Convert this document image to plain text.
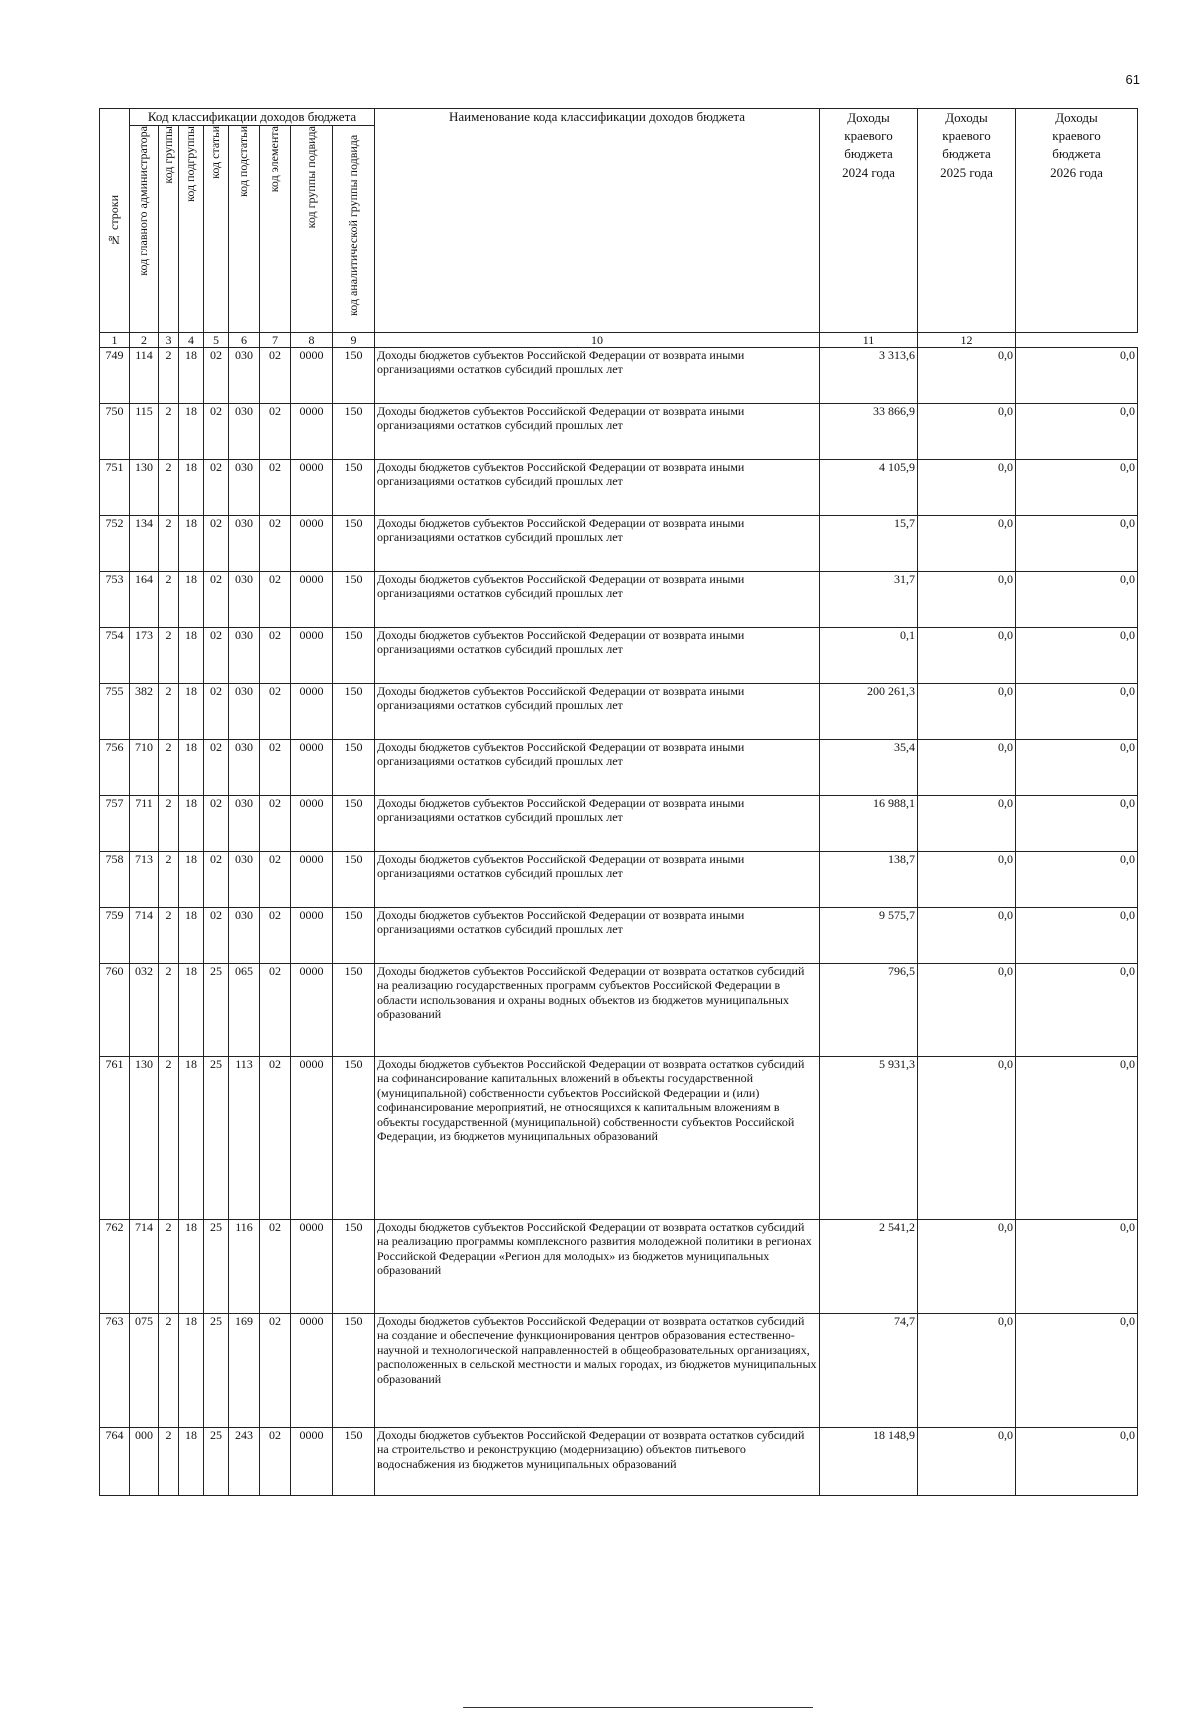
61
№ строки	Код классификации доходов бюджета								Наименование кода классификации доходов бюджета	Доходы
краевого
бюджета
2024 года	Доходы
краевого
бюджета
2025 года	Доходы
краевого
бюджета
2026 года

	код главного администратора	код группы	код подгруппы	код статьи	код подстатьи	код элемента	код группы подвида	код аналитической группы подвида				

1	2	3	4	5	6	7	8	9	10	11	12	
749	114	2	18	02	030	02	0000	150	Доходы бюджетов субъектов Российской Федерации от возврата иными организациями остатков субсидий прошлых лет	3 313,6	0,0	0,0
750	115	2	18	02	030	02	0000	150	Доходы бюджетов субъектов Российской Федерации от возврата иными организациями остатков субсидий прошлых лет	33 866,9	0,0	0,0
751	130	2	18	02	030	02	0000	150	Доходы бюджетов субъектов Российской Федерации от возврата иными организациями остатков субсидий прошлых лет	4 105,9	0,0	0,0
752	134	2	18	02	030	02	0000	150	Доходы бюджетов субъектов Российской Федерации от возврата иными организациями остатков субсидий прошлых лет	15,7	0,0	0,0
753	164	2	18	02	030	02	0000	150	Доходы бюджетов субъектов Российской Федерации от возврата иными организациями остатков субсидий прошлых лет	31,7	0,0	0,0
754	173	2	18	02	030	02	0000	150	Доходы бюджетов субъектов Российской Федерации от возврата иными организациями остатков субсидий прошлых лет	0,1	0,0	0,0
755	382	2	18	02	030	02	0000	150	Доходы бюджетов субъектов Российской Федерации от возврата иными организациями остатков субсидий прошлых лет	200 261,3	0,0	0,0
756	710	2	18	02	030	02	0000	150	Доходы бюджетов субъектов Российской Федерации от возврата иными организациями остатков субсидий прошлых лет	35,4	0,0	0,0
757	711	2	18	02	030	02	0000	150	Доходы бюджетов субъектов Российской Федерации от возврата иными организациями остатков субсидий прошлых лет	16 988,1	0,0	0,0
758	713	2	18	02	030	02	0000	150	Доходы бюджетов субъектов Российской Федерации от возврата иными организациями остатков субсидий прошлых лет	138,7	0,0	0,0
759	714	2	18	02	030	02	0000	150	Доходы бюджетов субъектов Российской Федерации от возврата иными организациями остатков субсидий прошлых лет	9 575,7	0,0	0,0
760	032	2	18	25	065	02	0000	150	Доходы бюджетов субъектов Российской Федерации от возврата остатков субсидий на реализацию государственных программ субъектов Российской Федерации в области использования и охраны водных объектов из бюджетов муниципальных образований	796,5	0,0	0,0
761	130	2	18	25	113	02	0000	150	Доходы бюджетов субъектов Российской Федерации от возврата остатков субсидий на софинансирование капитальных вложений в объекты государственной (муниципальной) собственности субъектов Российской Федерации и (или) софинансирование мероприятий, не относящихся к капитальным вложениям в объекты государственной (муниципальной) собственности субъектов Российской Федерации, из бюджетов муниципальных образований	5 931,3	0,0	0,0
762	714	2	18	25	116	02	0000	150	Доходы бюджетов субъектов Российской Федерации от возврата остатков субсидий на реализацию программы комплексного развития молодежной политики в регионах Российской Федерации «Регион для молодых» из бюджетов муниципальных образований	2 541,2	0,0	0,0
763	075	2	18	25	169	02	0000	150	Доходы бюджетов субъектов Российской Федерации от возврата остатков субсидий на создание и обеспечение функционирования центров образования естественно-научной и технологической направленностей в общеобразовательных организациях, расположенных в сельской местности и малых городах, из бюджетов муниципальных образований	74,7	0,0	0,0
764	000	2	18	25	243	02	0000	150	Доходы бюджетов субъектов Российской Федерации от возврата остатков субсидий на строительство и реконструкцию (модернизацию) объектов питьевого водоснабжения из бюджетов муниципальных образований	18 148,9	0,0	0,0
